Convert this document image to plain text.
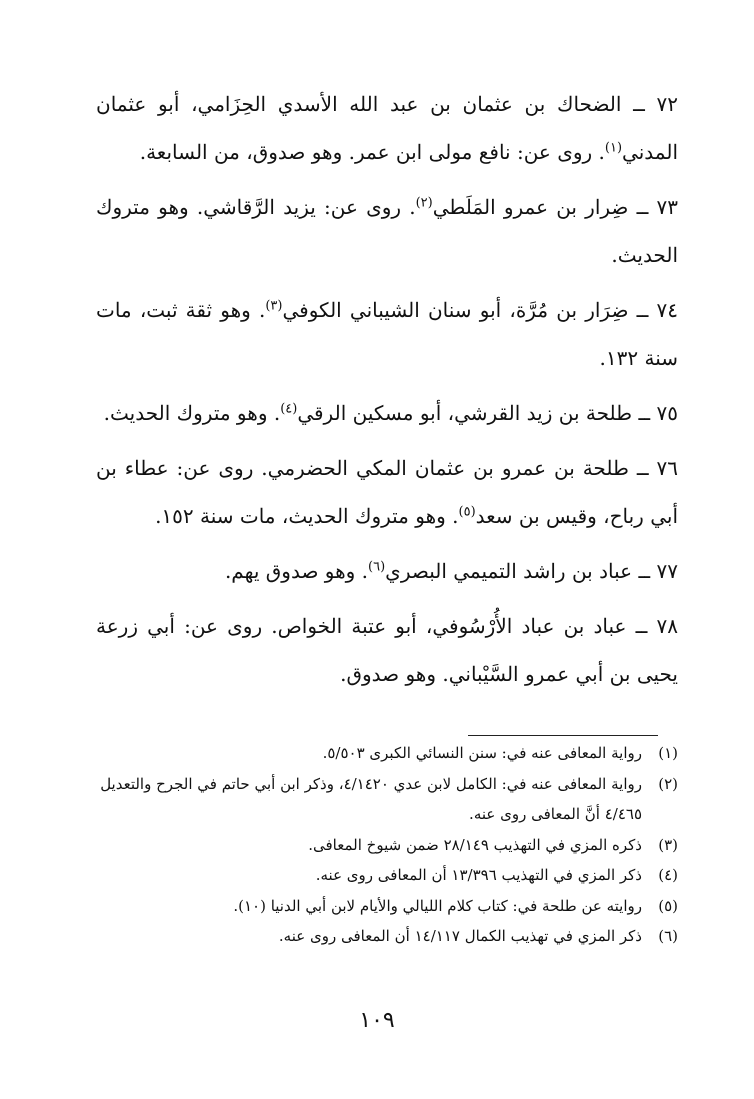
٧٢ ــ الضحاك بن عثمان بن عبد الله الأسدي الحِزَامي، أبو عثمان المدني$^{(١)}$. روى عن: نافع مولى ابن عمر. وهو صدوق، من السابعة.

٧٣ ــ ضِرار بن عمرو المَلَطي$^{(٢)}$. روى عن: يزيد الرَّقاشي. وهو متروك الحديث.

٧٤ ــ ضِرَار بن مُرَّة، أبو سنان الشيباني الكوفي$^{(٣)}$. وهو ثقة ثبت، مات سنة ١٣٢.

٧٥ ــ طلحة بن زيد القرشي، أبو مسكين الرقي$^{(٤)}$. وهو متروك الحديث.

٧٦ ــ طلحة بن عمرو بن عثمان المكي الحضرمي. روى عن: عطاء بن أبي رباح، وقيس بن سعد$^{(٥)}$. وهو متروك الحديث، مات سنة ١٥٢.

٧٧ ــ عباد بن راشد التميمي البصري$^{(٦)}$. وهو صدوق يهم.

٧٨ ــ عباد بن عباد الأُرْسُوفي، أبو عتبة الخواص. روى عن: أبي زرعة يحيى بن أبي عمرو السَّيْباني. وهو صدوق.

(١)
رواية المعافى عنه في: سنن النسائي الكبرى ٥/٥٠٣.
(٢)
رواية المعافى عنه في: الكامل لابن عدي ٤/١٤٢٠، وذكر ابن أبي حاتم في الجرح والتعديل ٤/٤٦٥ أنَّ المعافى روى عنه.
(٣)
ذكره المزي في التهذيب ٢٨/١٤٩ ضمن شيوخ المعافى.
(٤)
ذكر المزي في التهذيب ١٣/٣٩٦ أن المعافى روى عنه.
(٥)
روايته عن طلحة في: كتاب كلام الليالي والأيام لابن أبي الدنيا (١٠).
(٦)
ذكر المزي في تهذيب الكمال ١٤/١١٧ أن المعافى روى عنه.
١٠٩
